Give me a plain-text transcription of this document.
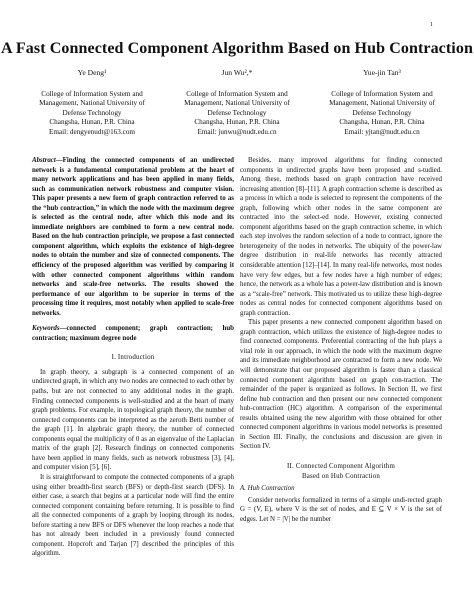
1
A Fast Connected Component Algorithm Based on Hub Contraction
Ye Deng¹
College of Information System and
Management, National University of
Defense Technology
Changsha, Hunan, P.R. China
Email: dengyenudt@163.com
Jun Wu²,*
College of Information System and
Management, National University of
Defense Technology
Changsha, Hunan, P.R. China
Email: junwu@nudt.edu.cn
Yue-jin Tan³
College of Information System and
Management, National University of
Defense Technology
Changsha, Hunan, P.R. China
Email: yjtan@nudt.edu.cn

Abstract—Finding the connected components of an undirected network is a fundamental computational problem at the heart of many network applications and has been applied in many fields, such as communication network robustness and computer vision. This paper presents a new form of graph contraction referred to as the “hub contraction,” in which the node with the maximum degree is selected as the central node, after which this node and its immediate neighbors are combined to form a new central node. Based on the hub contraction principle, we propose a fast connected component algorithm, which exploits the existence of high-degree nodes to obtain the number and size of connected components. The efficiency of the proposed algorithm was verified by comparing it with other connected component algorithms within random networks and scale-free networks. The results showed the performance of our algorithm to be superior in terms of the processing time it requires, most notably when applied to scale-free networks.

Keywords—connected component; graph contraction; hub contraction; maximum degree node

I. Introduction

In graph theory, a subgraph is a connected component of an undirected graph, in which any two nodes are connected to each other by paths, but are not connected to any additional nodes in the graph. Finding connected components is well-studied and at the heart of many graph problems. For example, in topological graph theory, the number of connected components can be interpreted as the zeroth Betti number of the graph [1]. In algebraic graph theory, the number of connected components equal the multiplicity of 0 as an eigenvalue of the Laplacian matrix of the graph [2]. Research findings on connected components have been applied in many fields, such as network robustness [3], [4], and computer vision [5], [6].

It is straightforward to compute the connected components of a graph using either breadth-first search (BFS) or depth-first search (DFS). In either case, a search that begins at a particular node will find the entire connected component containing before returning. It is possible to find all the connected components of a graph by looping through its nodes, before starting a new BFS or DFS whenever the loop reaches a node that has not already been included in a previously found connected component. Hopcroft and Tarjan [7] described the principles of this algorithm.

Besides, many improved algorithms for finding connected components in undirected graphs have been proposed and s-tudied. Among these, methods based on graph contraction have received increasing attention [8]–[11]. A graph contraction scheme is described as a process in which a node is selected to represent the components of the graph, following which other nodes in the same component are contracted into the select-ed node. However, existing connected component algorithms based on the graph contraction scheme, in which each step involves the random selection of a node to contract, ignore the heterogeneity of the nodes in networks. The ubiquity of the power-law degree distribution in real-life networks has recently attracted considerable attention [12]–[14]. In many real-life networks, most nodes have very few edges, but a few nodes have a high number of edges; hence, the network as a whole has a power-law distribution and is known as a “scale-free” network. This motivated us to utilize these high-degree nodes as central nodes for connected component algorithms based on graph contraction.

This paper presents a new connected component algorithm based on graph contraction, which utilizes the existence of high-degree nodes to find connected components. Preferential contracting of the hub plays a vital role in our approach, in which the node with the maximum degree and its immediate neighborhood are contracted to form a new node. We will demonstrate that our proposed algorithm is faster than a classical connected component algorithm based on graph con-traction. The remainder of the paper is organized as follows. In Section II, we first define hub contraction and then present our new connected component hub-contraction (HC) algorithm. A comparison of the experimental results obtained using the new algorithm with those obtained for other connected component algorithms in various model networks is presented in Section III. Finally, the conclusions and discussion are given in Section IV.

II. Connected Component Algorithm
Based on Hub Contraction
A. Hub Contraction

Consider networks formalized in terms of a simple undi-rected graph G = (V, E), where V is the set of nodes, and E ⊆ V × V is the set of edges. Let N = |V| be the number
